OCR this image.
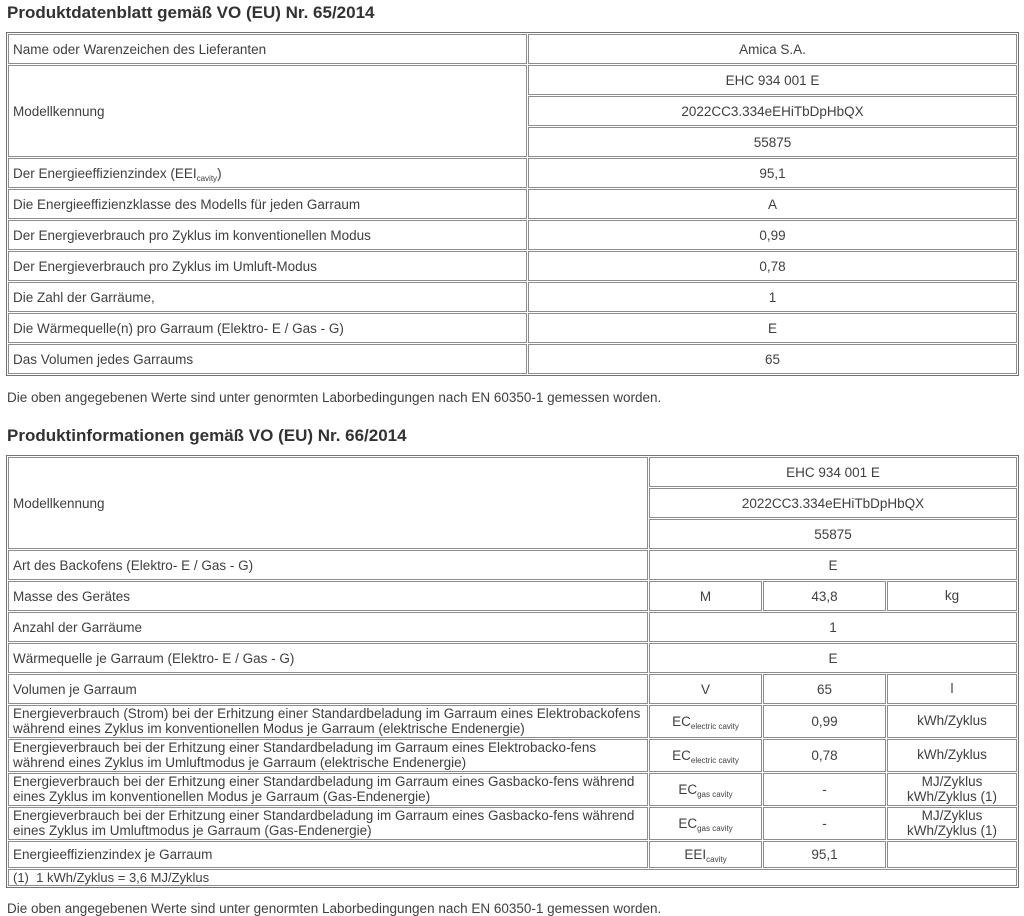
Produktdatenblatt gemäß VO (EU) Nr. 65/2014
Name oder Warenzeichen des Lieferanten	Amica S.A.
Modellkennung	EHC 934 001 E
	2022CC3.334eEHiTbDpHbQX
	55875
Der Energieeffizienzindex $(EEI_{cavity})$	95,1
Die Energieeffizienzklasse des Modells für jeden Garraum	A
Der Energieverbrauch pro Zyklus im konventionellen Modus	0,99
Der Energieverbrauch pro Zyklus im Umluft-Modus	0,78
Die Zahl der Garräume,	1
Die Wärmequelle(n) pro Garraum (Elektro- E / Gas - G)	E
Das Volumen jedes Garraums	65

Die oben angegebenen Werte sind unter genormten Laborbedingungen nach EN 60350-1 gemessen worden.

Produktinformationen gemäß VO (EU) Nr. 66/2014
Modellkennung	EHC 934 001 E		
	2022CC3.334eEHiTbDpHbQX		
	55875		
Art des Backofens (Elektro- E / Gas - G)	E		
Masse des Gerätes	M	43,8	kg

Anzahl der Garräume	1		
Wärmequelle je Garraum (Elektro- E / Gas - G)	E		
Volumen je Garraum	V	65	l

Energieverbrauch (Strom) bei der Erhitzung einer Standardbeladung im Garraum eines Elektrobackofens während eines Zyklus im konventionellen Modus je Garraum (elektrische Endenergie)	$EC_{electric cavity}$	0,99	kWh/Zyklus

Energieverbrauch bei der Erhitzung einer Standardbeladung im Garraum eines Elektrobacko-fens während eines Zyklus im Umluftmodus je Garraum (elektrische Endenergie)	$EC_{electric cavity}$	0,78	kWh/Zyklus

Energieverbrauch bei der Erhitzung einer Standardbeladung im Garraum eines Gasbacko-fens während eines Zyklus im konventionellen Modus je Garraum (Gas-Endenergie)	$EC_{gas cavity}$	-	MJ/Zyklus
kWh/Zyklus (1)

Energieverbrauch bei der Erhitzung einer Standardbeladung im Garraum eines Gasbacko-fens während eines Zyklus im Umluftmodus je Garraum (Gas-Endenergie)	$EC_{gas cavity}$	-	MJ/Zyklus
kWh/Zyklus (1)

Energieeffizienzindex je Garraum	$EEI_{cavity}$	95,1	
(1)  1 kWh/Zyklus = 3,6 MJ/Zyklus			

Die oben angegebenen Werte sind unter genormten Laborbedingungen nach EN 60350-1 gemessen worden.
